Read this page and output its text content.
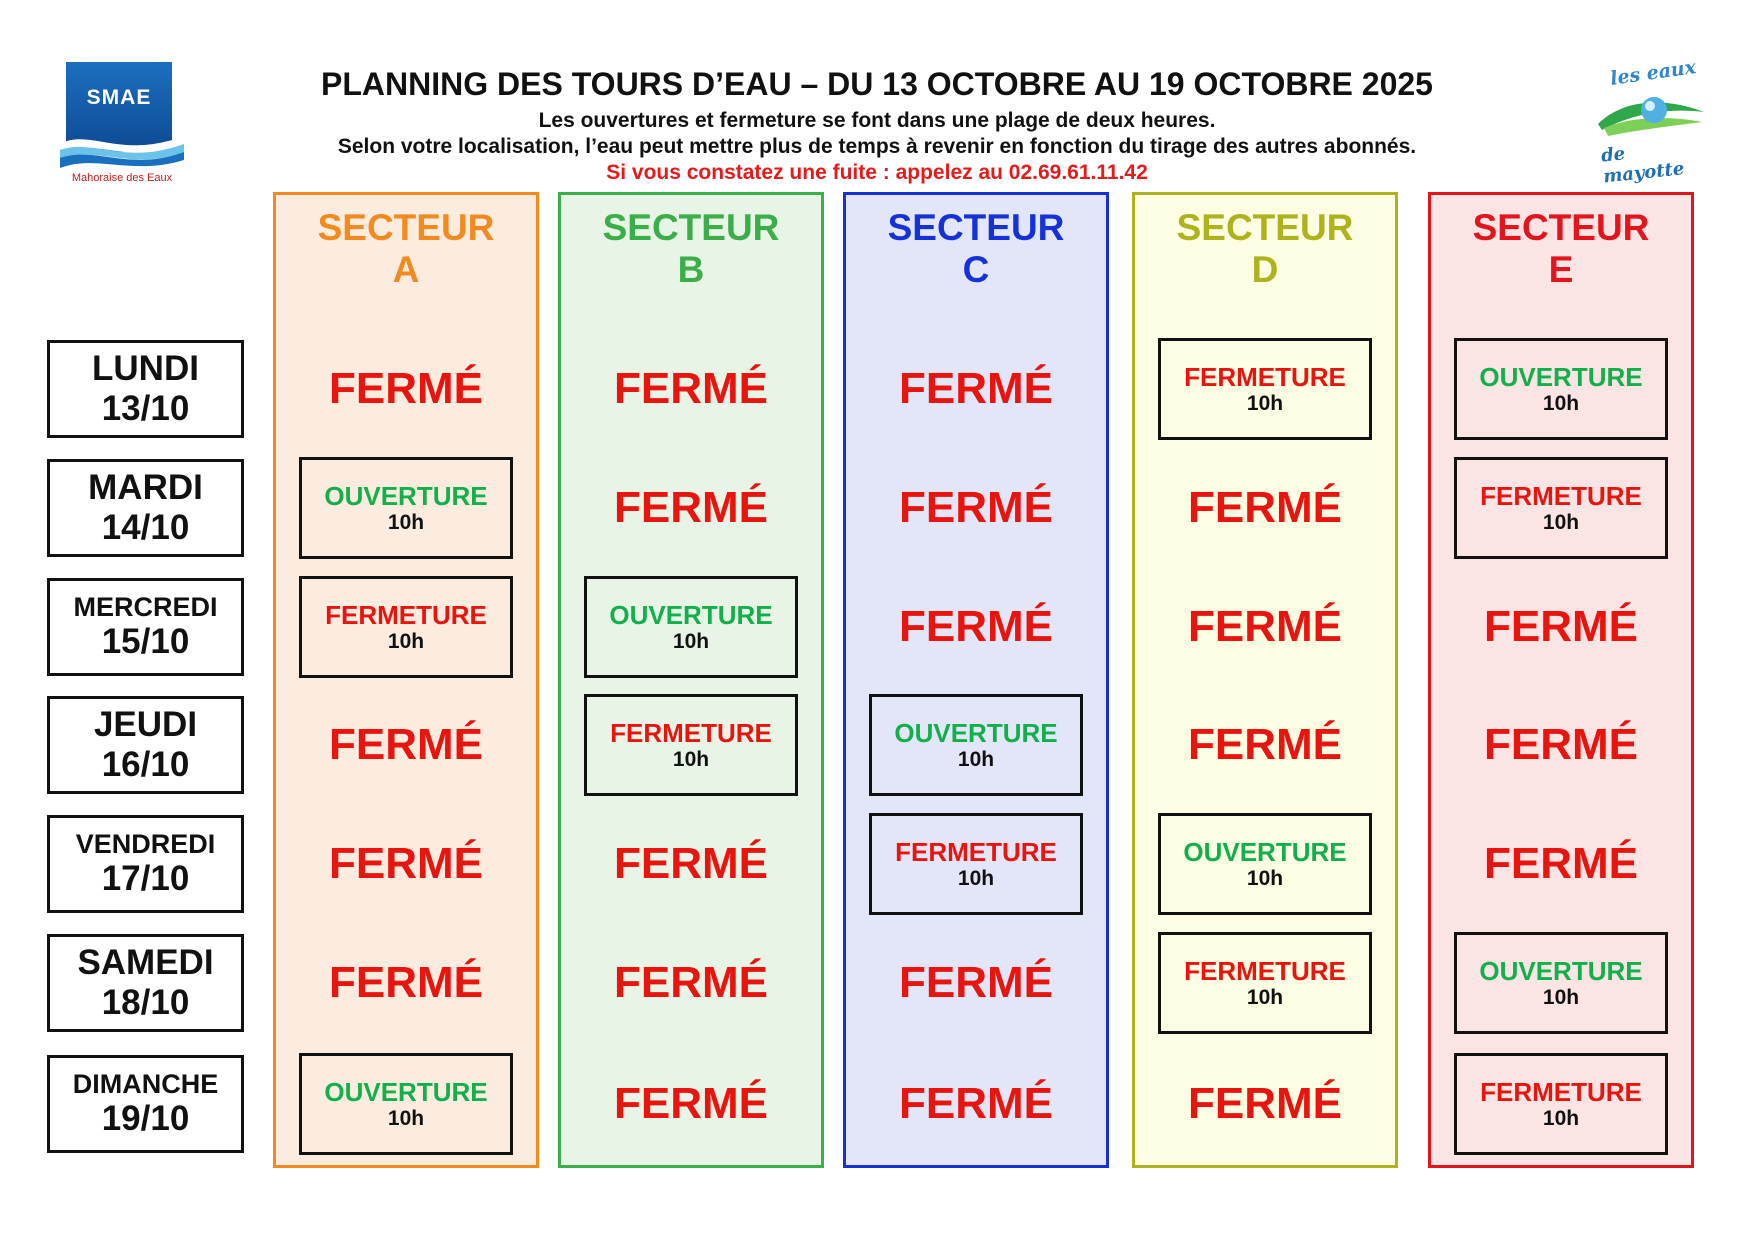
SMAE
Mahoraise des Eaux
les eaux
de mayotte
PLANNING DES TOURS D’EAU – DU 13 OCTOBRE AU 19 OCTOBRE 2025
Les ouvertures et fermeture se font dans une plage de deux heures.
Selon votre localisation, l’eau peut mettre plus de temps à revenir en fonction du tirage des autres abonnés.
Si vous constatez une fuite : appelez au 02.69.61.11.42
LUNDI
13/10
MARDI
14/10
MERCREDI
15/10
JEUDI
16/10
VENDREDI
17/10
SAMEDI
18/10
DIMANCHE
19/10
SECTEUR
A
FERMÉ
OUVERTURE
10h
FERMETURE
10h
FERMÉ
FERMÉ
FERMÉ
OUVERTURE
10h
SECTEUR
B
FERMÉ
FERMÉ
OUVERTURE
10h
FERMETURE
10h
FERMÉ
FERMÉ
FERMÉ
SECTEUR
C
FERMÉ
FERMÉ
FERMÉ
OUVERTURE
10h
FERMETURE
10h
FERMÉ
FERMÉ
SECTEUR
D
FERMETURE
10h
FERMÉ
FERMÉ
FERMÉ
OUVERTURE
10h
FERMETURE
10h
FERMÉ
SECTEUR
E
OUVERTURE
10h
FERMETURE
10h
FERMÉ
FERMÉ
FERMÉ
OUVERTURE
10h
FERMETURE
10h
